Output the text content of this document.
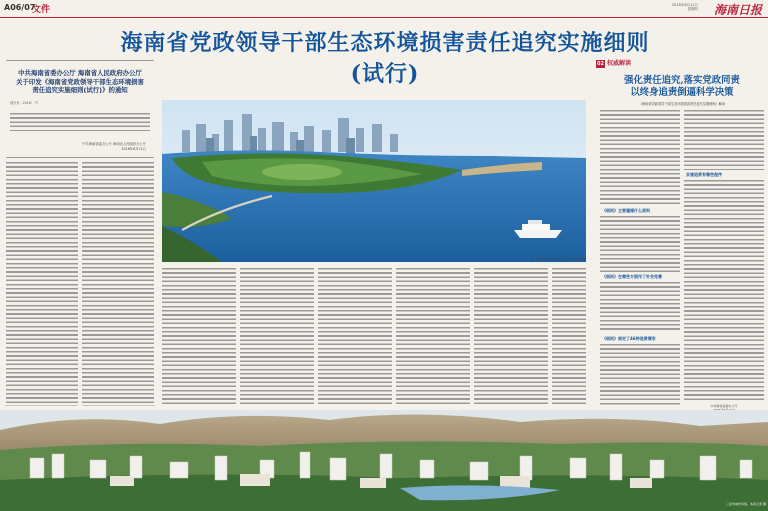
A06/07
文件	2016年8月11日
星期四 海南日报
海南省党政领导干部生态环境损害责任追究实施细则(试行)
中共海南省委办公厅 海南省人民政府办公厅
关于印发《海南省党政领导干部生态环境损害
责任追究实施细则(试行)》的通知
琼办发〔2016〕 号
中共海南省委办公厅 海南省人民政府办公厅
2016年8月11日
海口市西海岸生态环境一角。本报记者 摄
02 权威解读
强化责任追究,落实党政同责
以终身追责倒逼科学决策
《海南省党政领导干部生态环境损害责任追究实施细则》解读
《细则》主要遵循什么原则
《细则》在哪些方面作了补充完善
《细则》规定了46种追责情形
实施追责有哪些程序
中共海南省委办公厅
三亚市城市风貌。本报记者 摄
